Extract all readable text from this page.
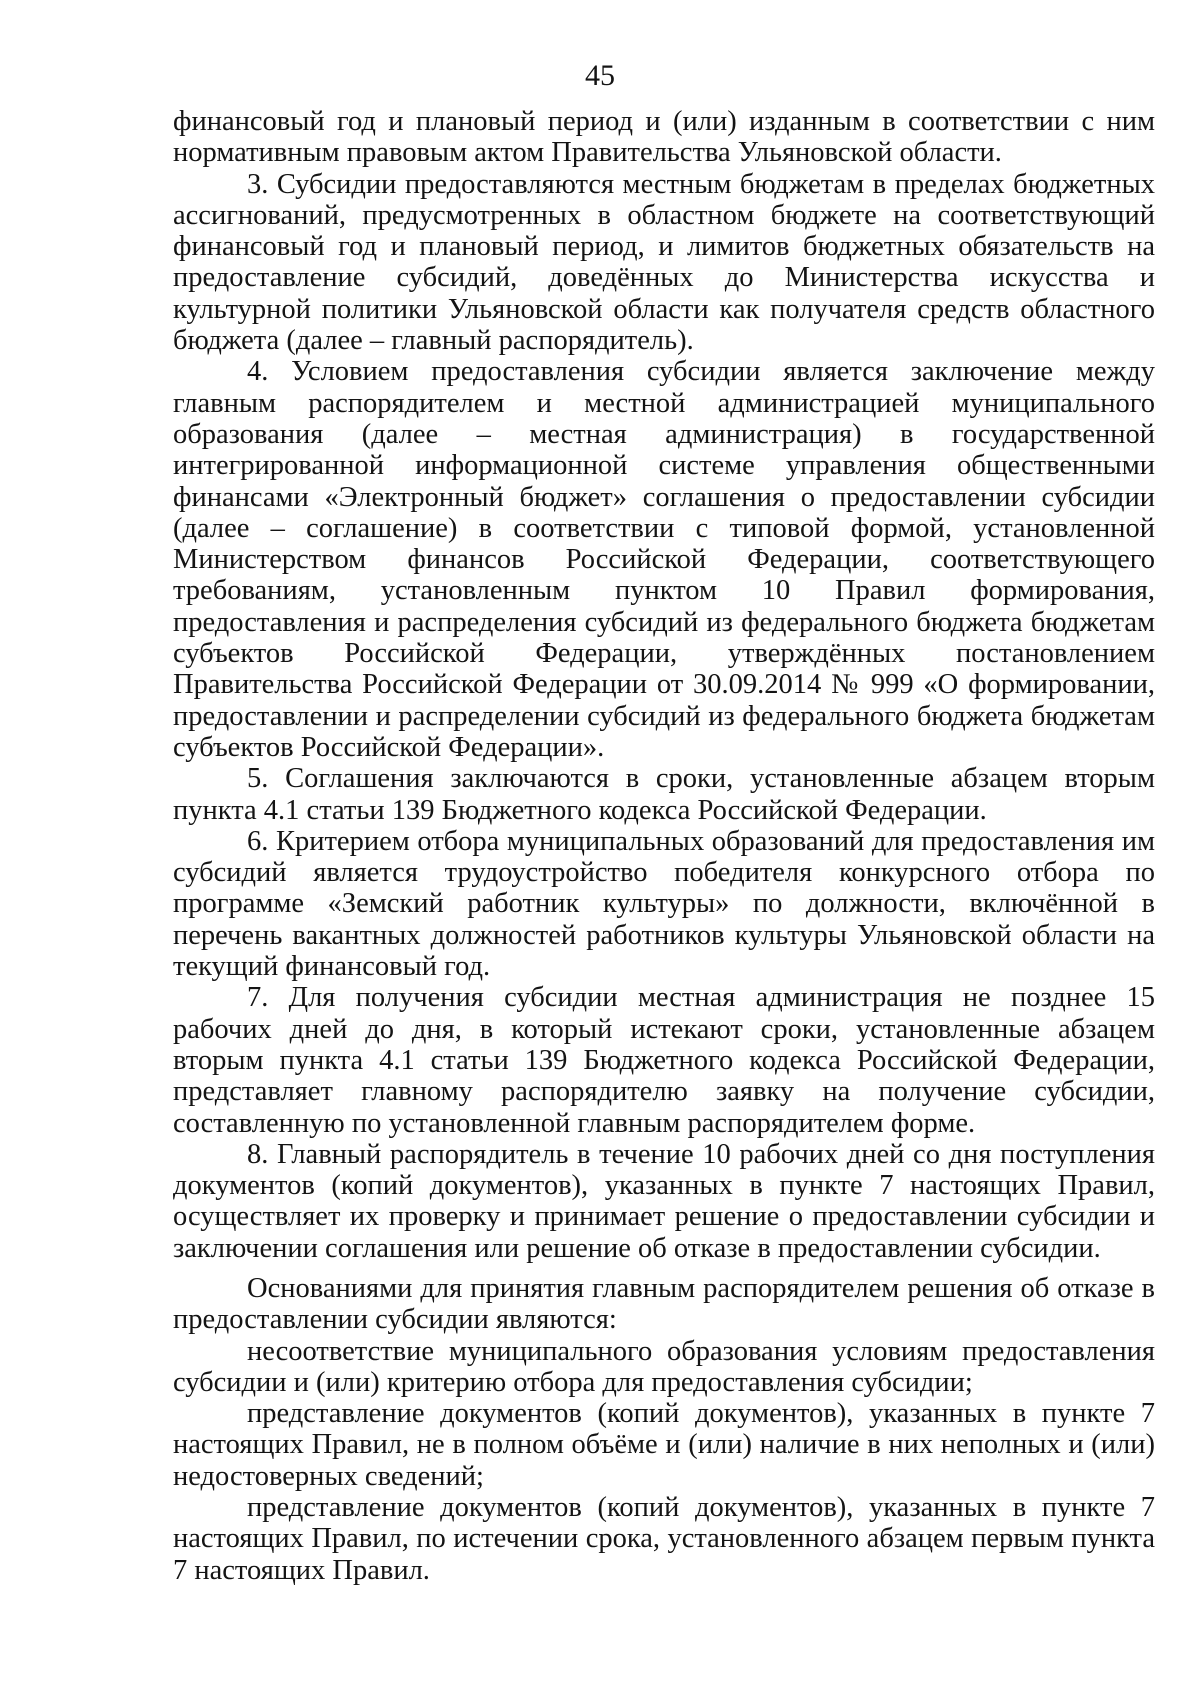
45

финансовый год и плановый период и (или) изданным в соответствии с ним нормативным правовым актом Правительства Ульяновской области.

3. Субсидии предоставляются местным бюджетам в пределах бюджетных ассигнований, предусмотренных в областном бюджете на соответствующий финансовый год и плановый период, и лимитов бюджетных обязательств на предоставление субсидий, доведённых до Министерства искусства и культурной политики Ульяновской области как получателя средств областного бюджета (далее – главный распорядитель).

4. Условием предоставления субсидии является заключение между главным распорядителем и местной администрацией муниципального образования (далее – местная администрация) в государственной интегрированной информационной системе управления общественными финансами «Электронный бюджет» соглашения о предоставлении субсидии (далее – соглашение) в соответствии с типовой формой, установленной Министерством финансов Российской Федерации, соответствующего требованиям, установленным пунктом 10 Правил формирования, предоставления и распределения субсидий из федерального бюджета бюджетам субъектов Российской Федерации, утверждённых постановлением Правительства Российской Федерации от 30.09.2014 № 999 «О формировании, предоставлении и распределении субсидий из федерального бюджета бюджетам субъектов Российской Федерации».

5. Соглашения заключаются в сроки, установленные абзацем вторым пункта 4.1 статьи 139 Бюджетного кодекса Российской Федерации.

6. Критерием отбора муниципальных образований для предоставления им субсидий является трудоустройство победителя конкурсного отбора по программе «Земский работник культуры» по должности, включённой в перечень вакантных должностей работников культуры Ульяновской области на текущий финансовый год.

7. Для получения субсидии местная администрация не позднее 15 рабочих дней до дня, в который истекают сроки, установленные абзацем вторым пункта 4.1 статьи 139 Бюджетного кодекса Российской Федерации, представляет главному распорядителю заявку на получение субсидии, составленную по установленной главным распорядителем форме.

8. Главный распорядитель в течение 10 рабочих дней со дня поступления документов (копий документов), указанных в пункте 7 настоящих Правил, осуществляет их проверку и принимает решение о предоставлении субсидии и заключении соглашения или решение об отказе в предоставлении субсидии.

Основаниями для принятия главным распорядителем решения об отказе в предоставлении субсидии являются:

несоответствие муниципального образования условиям предоставления субсидии и (или) критерию отбора для предоставления субсидии;

представление документов (копий документов), указанных в пункте 7 настоящих Правил, не в полном объёме и (или) наличие в них неполных и (или) недостоверных сведений;

представление документов (копий документов), указанных в пункте 7 настоящих Правил, по истечении срока, установленного абзацем первым пункта 7 настоящих Правил.
